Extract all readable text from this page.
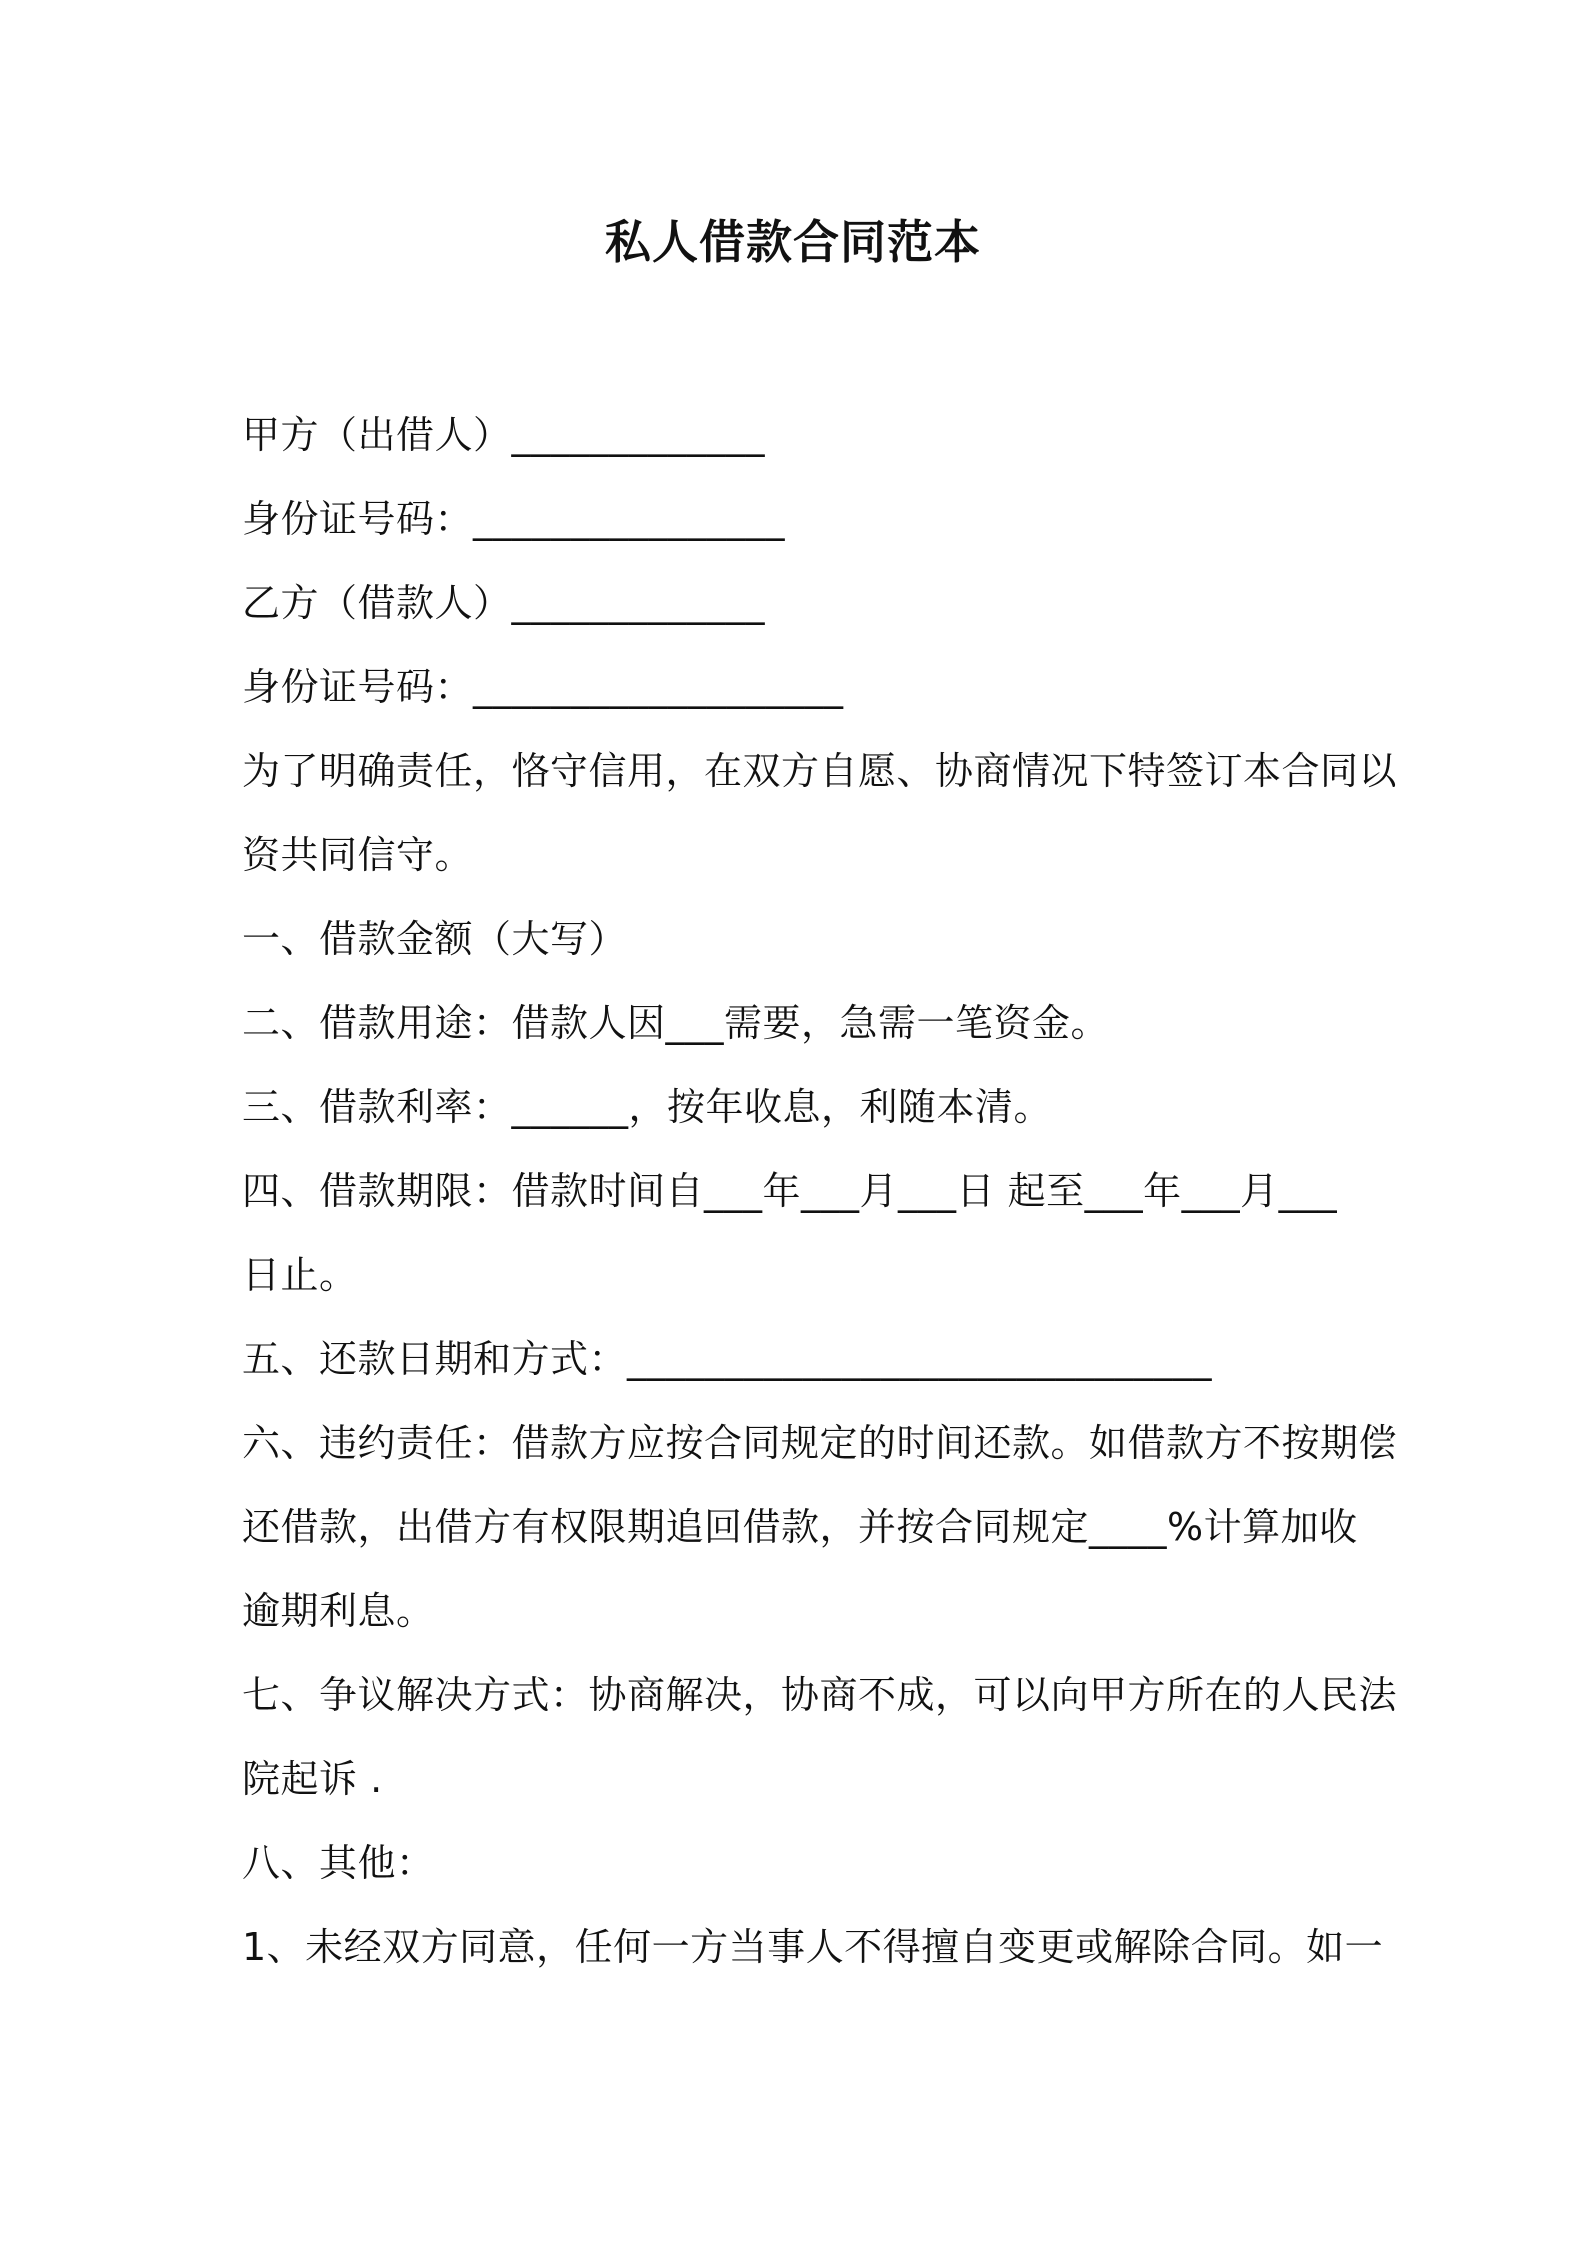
私人借款合同范本
甲方（出借人）_____________
身份证号码：________________
乙方（借款人）_____________
身份证号码：___________________
为了明确责任，恪守信用，在双方自愿、协商情况下特签订本合同以
资共同信守。
一、借款金额（大写）
二、借款用途：借款人因___需要，急需一笔资金。
三、借款利率：______，按年收息，利随本清。
四、借款期限：借款时间自___年___月___日 起至___年___月___
日止。
五、还款日期和方式：______________________________
六、违约责任：借款方应按合同规定的时间还款。如借款方不按期偿
还借款，出借方有权限期追回借款，并按合同规定____%计算加收
逾期利息。
七、争议解决方式：协商解决，协商不成，可以向甲方所在的人民法
院起诉 .
八、其他：
1、未经双方同意，任何一方当事人不得擅自变更或解除合同。如一
